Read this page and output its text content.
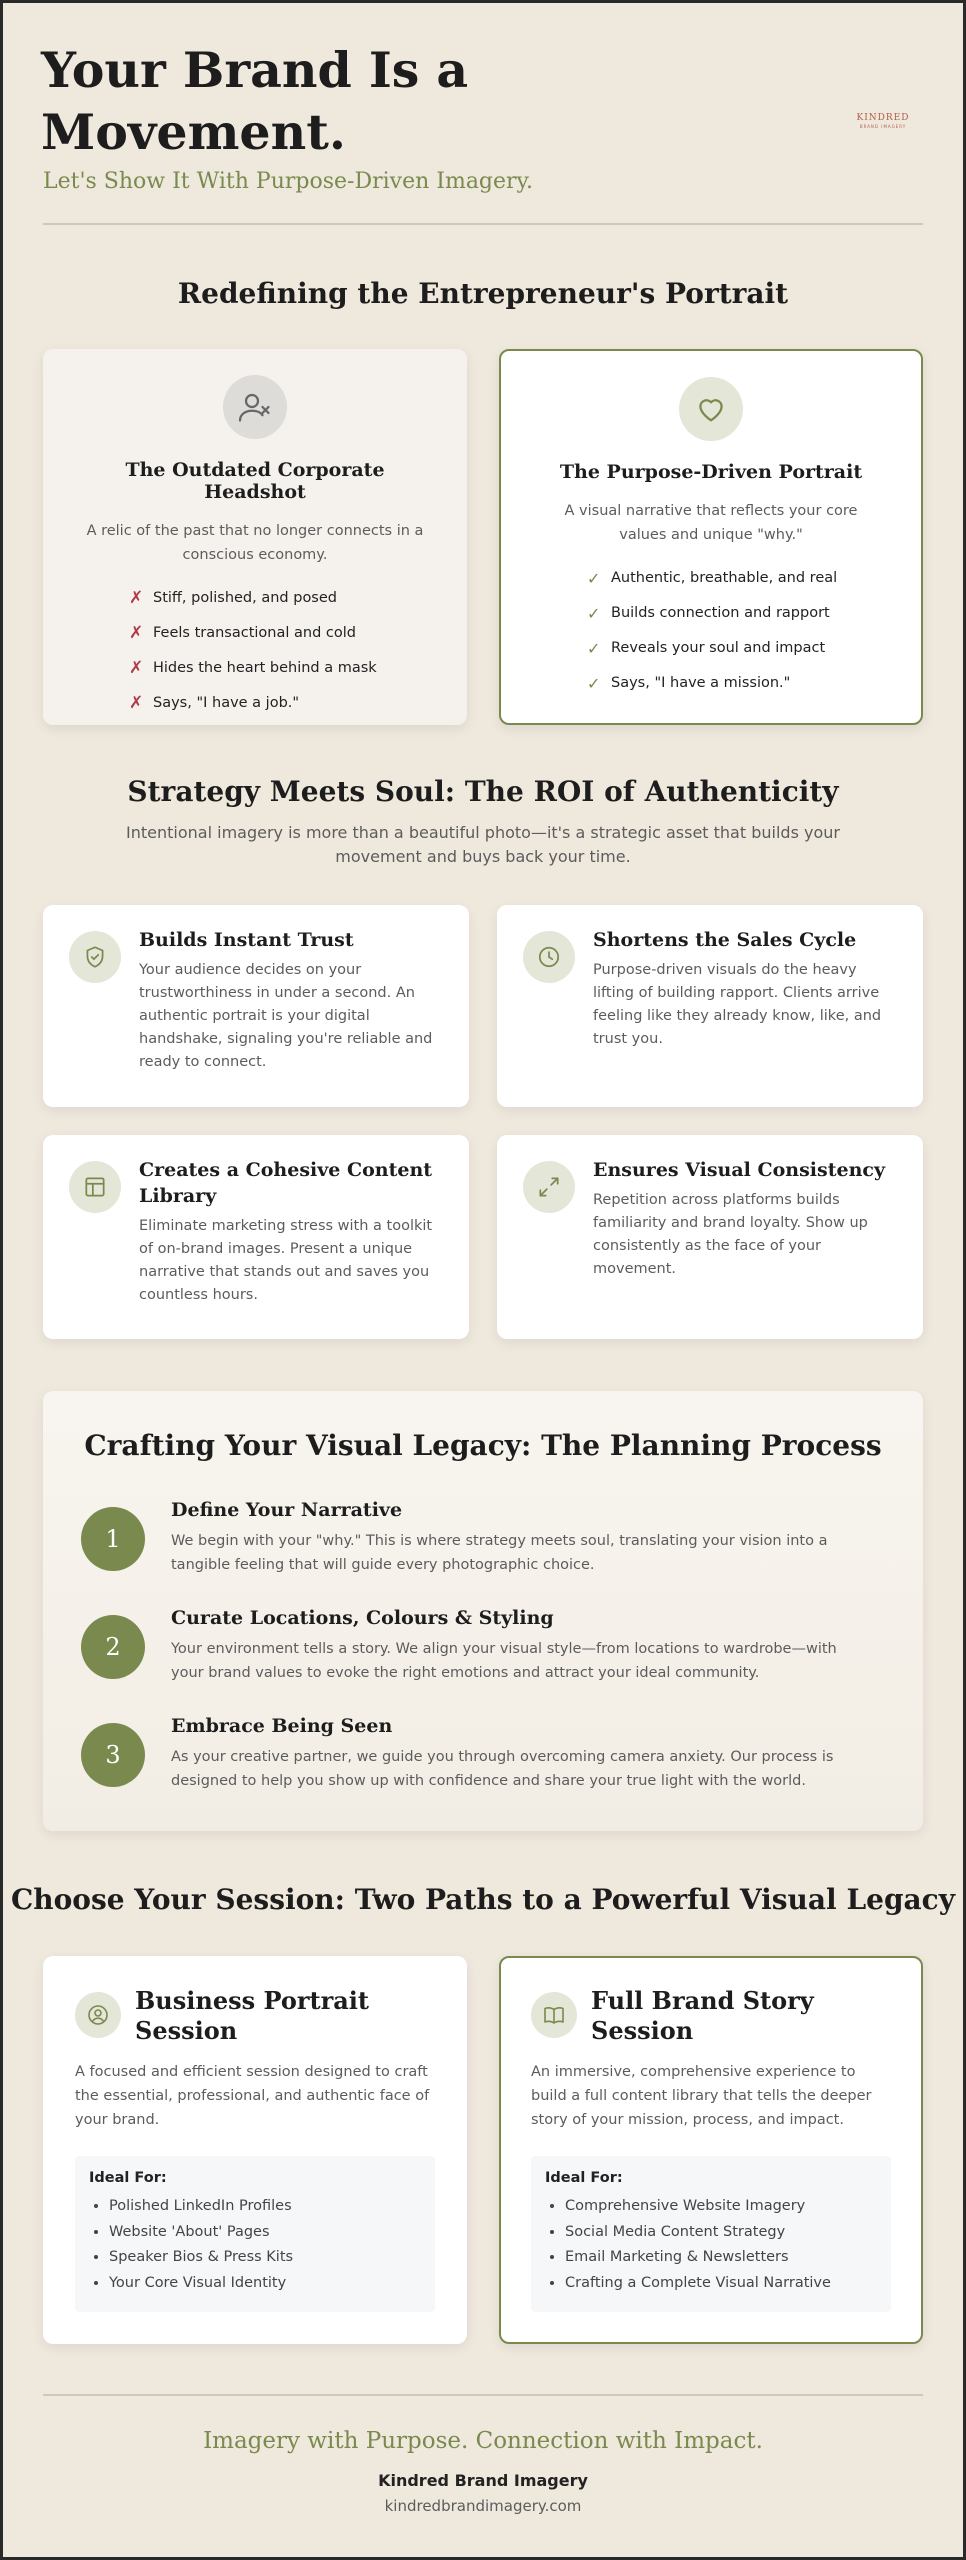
Your Brand Is a Movement.
Let's Show It With Purpose-Driven Imagery.
KINDRED
BRAND IMAGERY
Redefining the Entrepreneur's Portrait
The Outdated Corporate Headshot
A relic of the past that no longer connects in a conscious economy.
✗ Stiff, polished, and posed
✗ Feels transactional and cold
✗ Hides the heart behind a mask
✗ Says, "I have a job."
The Purpose-Driven Portrait
A visual narrative that reflects your core values and unique "why."
✓ Authentic, breathable, and real
✓ Builds connection and rapport
✓ Reveals your soul and impact
✓ Says, "I have a mission."
Strategy Meets Soul: The ROI of Authenticity

Intentional imagery is more than a beautiful photo—it's a strategic asset that builds your movement and buys back your time.

Builds Instant Trust
Your audience decides on your trustworthiness in under a second. An authentic portrait is your digital handshake, signaling you're reliable and ready to connect.
Shortens the Sales Cycle
Purpose-driven visuals do the heavy lifting of building rapport. Clients arrive feeling like they already know, like, and trust you.
Creates a Cohesive Content Library
Eliminate marketing stress with a toolkit of on-brand images. Present a unique narrative that stands out and saves you countless hours.
Ensures Visual Consistency
Repetition across platforms builds familiarity and brand loyalty. Show up consistently as the face of your movement.
Crafting Your Visual Legacy: The Planning Process
1
Define Your Narrative
We begin with your "why." This is where strategy meets soul, translating your vision into a tangible feeling that will guide every photographic choice.
2
Curate Locations, Colours & Styling
Your environment tells a story. We align your visual style—from locations to wardrobe—with your brand values to evoke the right emotions and attract your ideal community.
3
Embrace Being Seen
As your creative partner, we guide you through overcoming camera anxiety. Our process is designed to help you show up with confidence and share your true light with the world.
Choose Your Session: Two Paths to a Powerful Visual Legacy
Business Portrait Session
A focused and efficient session designed to craft the essential, professional, and authentic face of your brand.
Ideal For:
• Polished LinkedIn Profiles
• Website 'About' Pages
• Speaker Bios & Press Kits
• Your Core Visual Identity
Full Brand Story Session
An immersive, comprehensive experience to build a full content library that tells the deeper story of your mission, process, and impact.
Ideal For:
• Comprehensive Website Imagery
• Social Media Content Strategy
• Email Marketing & Newsletters
• Crafting a Complete Visual Narrative
Imagery with Purpose. Connection with Impact.
Kindred Brand Imagery
kindredbrandimagery.com
